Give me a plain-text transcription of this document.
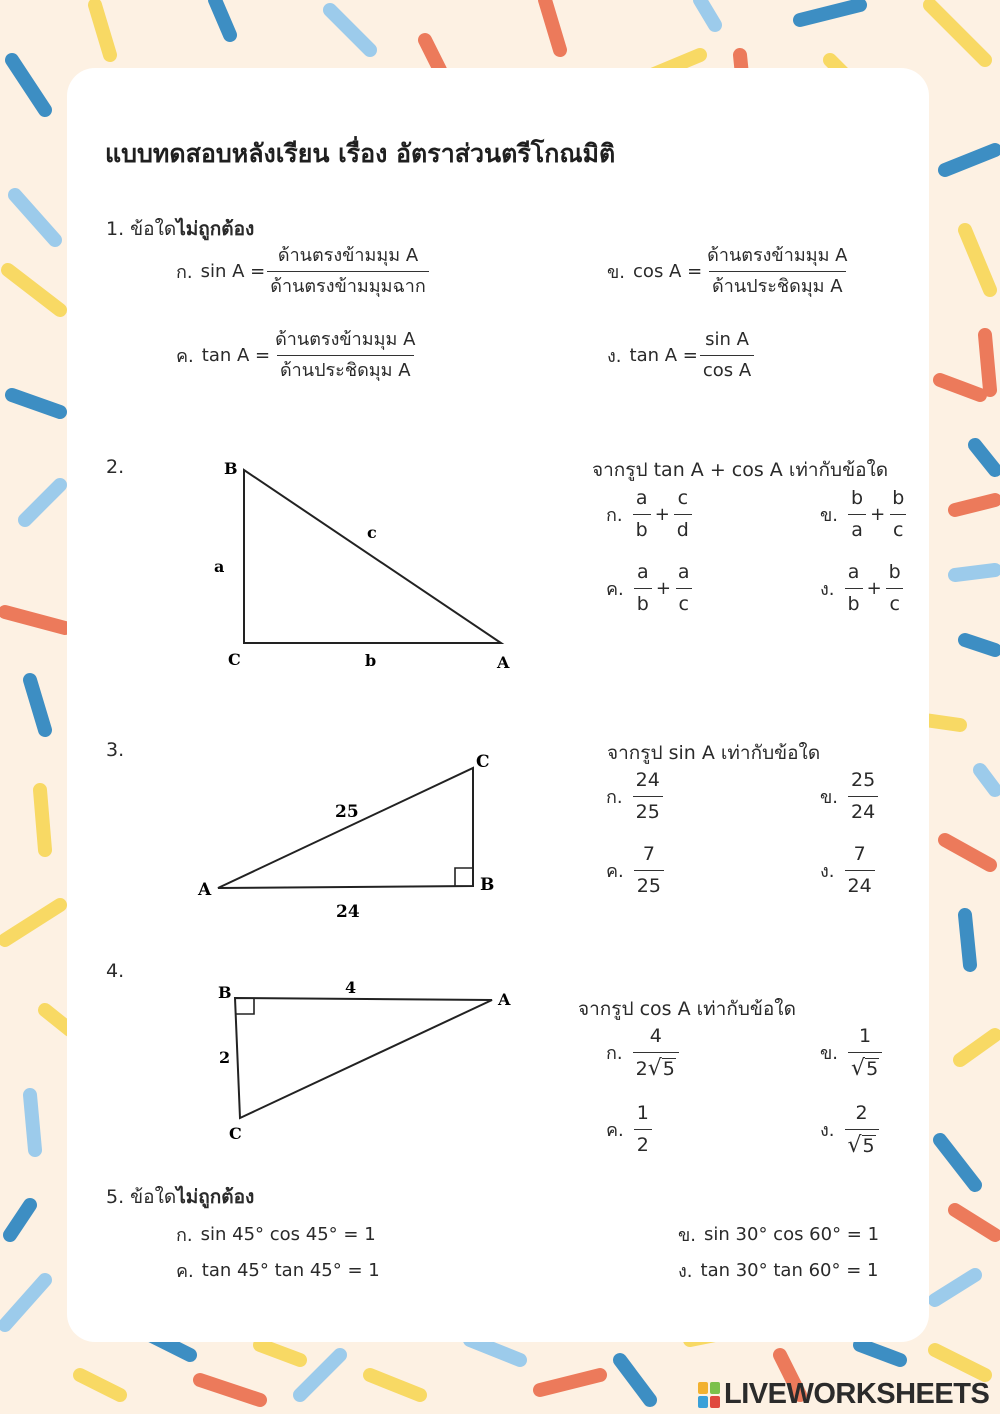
แบบทดสอบหลังเรียน เรื่อง อัตราส่วนตรีโกณมิติ
1. ข้อใดไม่ถูกต้อง
ก. $\sin A = \frac{\text{ด้านตรงข้ามมุม A}}{\text{ด้านตรงข้ามมุมฉาก}}$	ข. $\cos A = \frac{\text{ด้านตรงข้ามมุม A}}{\text{ด้านประชิดมุม A}}$
ค. $\tan A = \frac{\text{ด้านตรงข้ามมุม A}}{\text{ด้านประชิดมุม A}}$	ง. $\tan A = \frac{\text{sin A}}{\text{cos A}}$
2.	B
C	A
a
b
c
จากรูป tan A + cos A เท่ากับข้อใด
ก. $\frac{a}{b} + \frac{c}{d}$	ข. $\frac{b}{a} + \frac{b}{c}$
ค. $\frac{a}{b} + \frac{a}{c}$	ง. $\frac{a}{b} + \frac{b}{c}$
3.
A	B
C
25
24
จากรูป sin A เท่ากับข้อใด
ก. $\frac{24}{25}$	ข. $\frac{25}{24}$
ค. $\frac{7}{25}$	ง. $\frac{7}{24}$
4.
B	A
C
4
2
จากรูป cos A เท่ากับข้อใด
ก. $\frac{4}{2 √ 5}$	ข. $\frac{1}{√ 5}$
ค. $\frac{1}{2}$	ง. $\frac{2}{√ 5}$
5. ข้อใดไม่ถูกต้อง
ก. sin 45° cos 45° = 1	ข. sin 30° cos 60° = 1
ค. tan 45° tan 45° = 1	ง. tan 30° tan 60° = 1
LIVEWORKSHEETS
